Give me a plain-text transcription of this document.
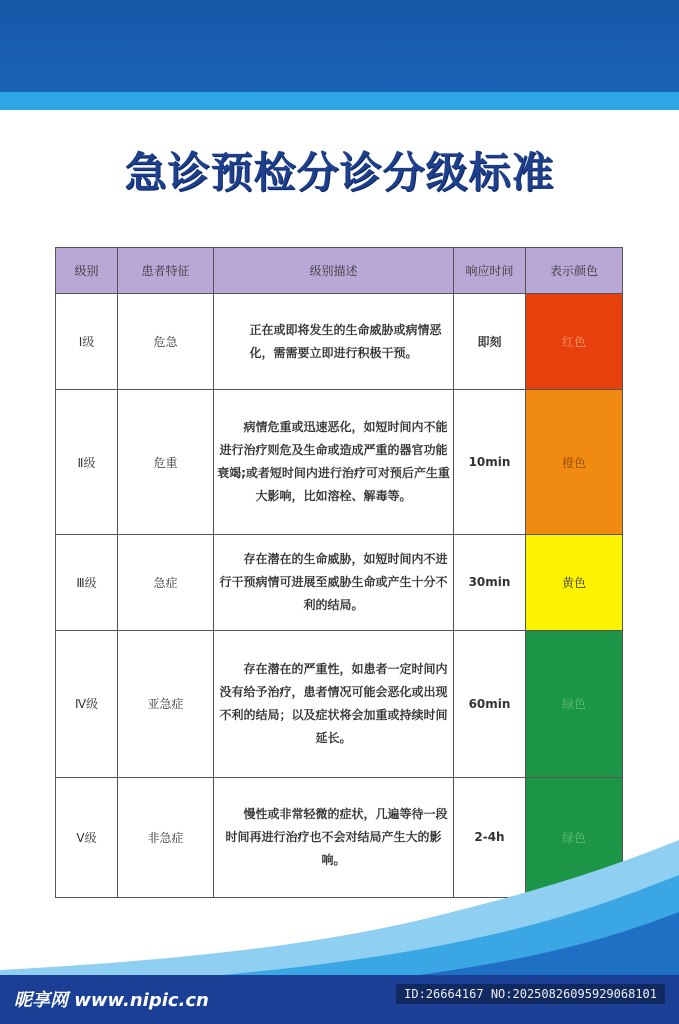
急诊预检分诊分级标准
级别	患者特征	级别描述	响应时间	表示颜色
Ⅰ级	危急	正在或即将发生的生命威胁或病情恶化，需需要立即进行积极干预。	即刻	红色
Ⅱ级	危重	病情危重或迅速恶化，如短时间内不能进行治疗则危及生命或造成严重的器官功能衰竭;或者短时间内进行治疗可对预后产生重大影响，比如溶栓、解毒等。	10min	橙色
Ⅲ级	急症	存在潜在的生命威胁，如短时间内不进行干预病情可进展至威胁生命或产生十分不利的结局。	30min	黄色
Ⅳ级	亚急症	存在潜在的严重性，如患者一定时间内没有给予治疗，患者情况可能会恶化或出现不利的结局；以及症状将会加重或持续时间延长。	60min	绿色
Ⅴ级	非急症	慢性或非常轻微的症状，几遍等待一段时间再进行治疗也不会对结局产生大的影响。	2-4h	绿色
昵享网 www.nipic.cn	ID:26664167 NO:20250826095929068101
